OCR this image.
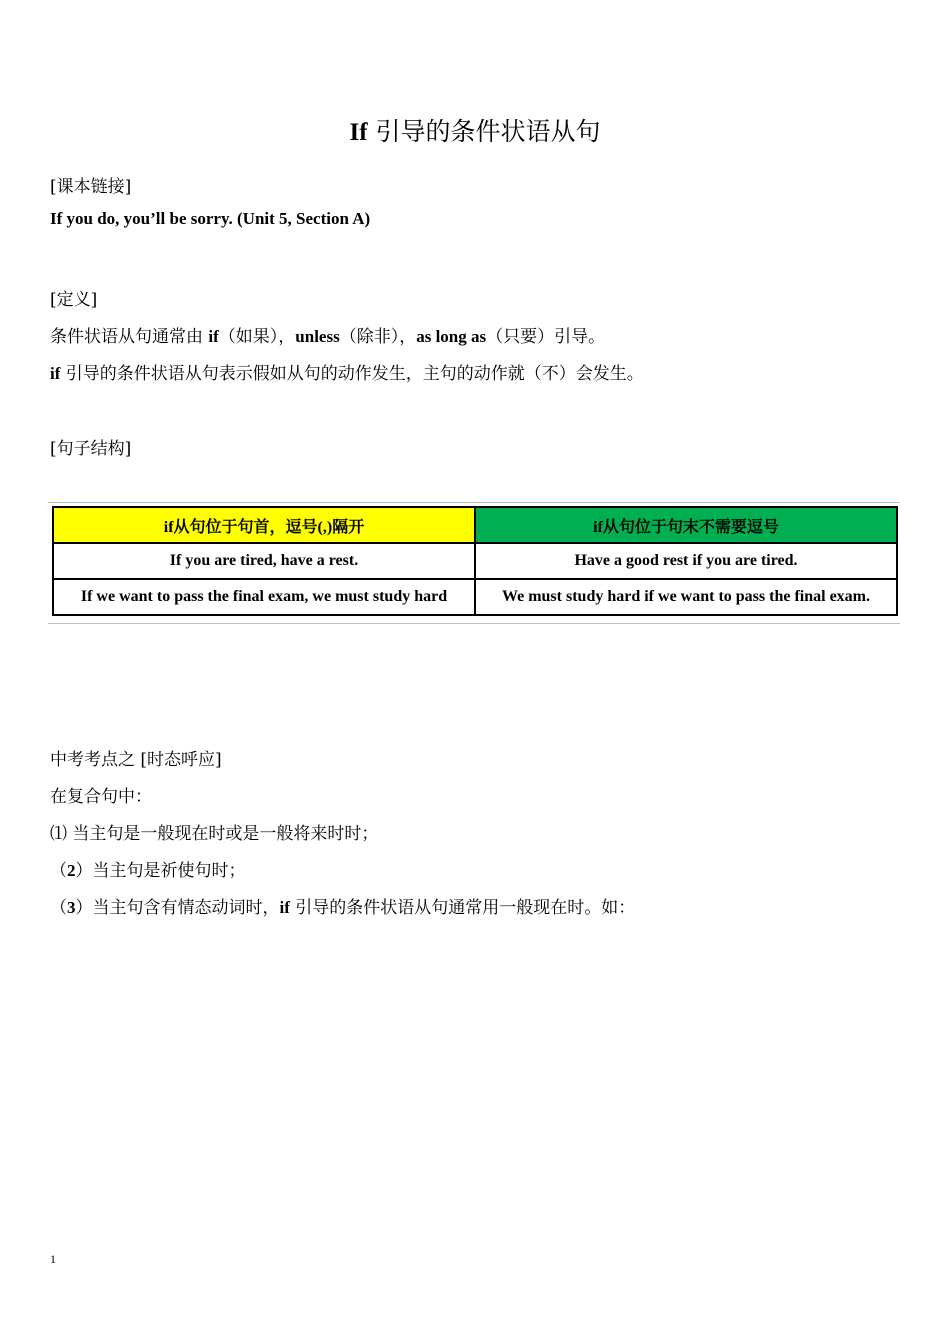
If 引导的条件状语从句
[课本链接]
If you do, you’ll be sorry. (Unit 5, Section A)
[定义]
条件状语从句通常由 if（如果），unless（除非），as long as（只要）引导。
if 引导的条件状语从句表示假如从句的动作发生，主句的动作就（不）会发生。
[句子结构]
if从句位于句首，逗号(,)隔开	if从句位于句末不需要逗号
If you are tired, have a rest.	Have a good rest if you are tired.
If we want to pass the final exam, we must study hard	We must study hard if we want to pass the final exam.
中考考点之 [时态呼应]
在复合句中：
⑴ 当主句是一般现在时或是一般将来时时；
（2）当主句是祈使句时；
（3）当主句含有情态动词时，if 引导的条件状语从句通常用一般现在时。如：
1
